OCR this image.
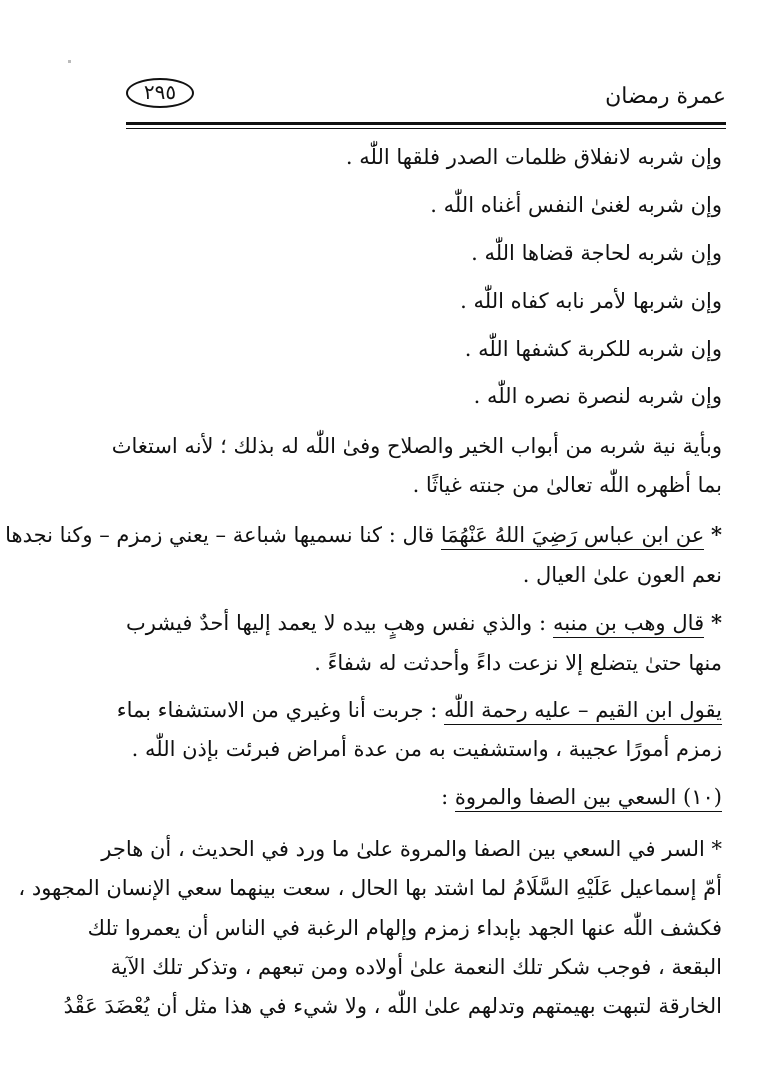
عمرة رمضان
٢٩٥
وإن شربه لانفلاق ظلمات الصدر فلقها اللّٰه .
وإن شربه لغنىٰ النفس أغناه اللّٰه .
وإن شربه لحاجة قضاها اللّٰه .
وإن شربها لأمر نابه كفاه اللّٰه .
وإن شربه للكربة كشفها اللّٰه .
وإن شربه لنصرة نصره اللّٰه .
وبأية نية شربه من أبواب الخير والصلاح وفىٰ اللّٰه له بذلك ؛ لأنه استغاث
بما أظهره اللّٰه تعالىٰ من جنته غياثًا .
* عن ابن عباس رَضِيَ اللهُ عَنْهُمَا قال : كنا نسميها شباعة – يعني زمزم – وكنا نجدها
نعم العون علىٰ العيال .
* قال وهب بن منبه : والذي نفس وهبٍ بيده لا يعمد إليها أحدٌ فيشرب
منها حتىٰ يتضلع إلا نزعت داءً وأحدثت له شفاءً .
يقول ابن القيم – عليه رحمة اللّٰه : جربت أنا وغيري من الاستشفاء بماء
زمزم أمورًا عجيبة ، واستشفيت به من عدة أمراض فبرئت بإذن اللّٰه .
(١٠) السعي بين الصفا والمروة :
* السر في السعي بين الصفا والمروة علىٰ ما ورد في الحديث ، أن هاجر
أمّ إسماعيل عَلَيْهِ السَّلَامُ لما اشتد بها الحال ، سعت بينهما سعي الإنسان المجهود ،
فكشف اللّٰه عنها الجهد بإبداء زمزم وإلهام الرغبة في الناس أن يعمروا تلك
البقعة ، فوجب شكر تلك النعمة علىٰ أولاده ومن تبعهم ، وتذكر تلك الآية
الخارقة لتبهت بهيمتهم وتدلهم علىٰ اللّٰه ، ولا شيء في هذا مثل أن يُعْضَدَ عَقْدُ
